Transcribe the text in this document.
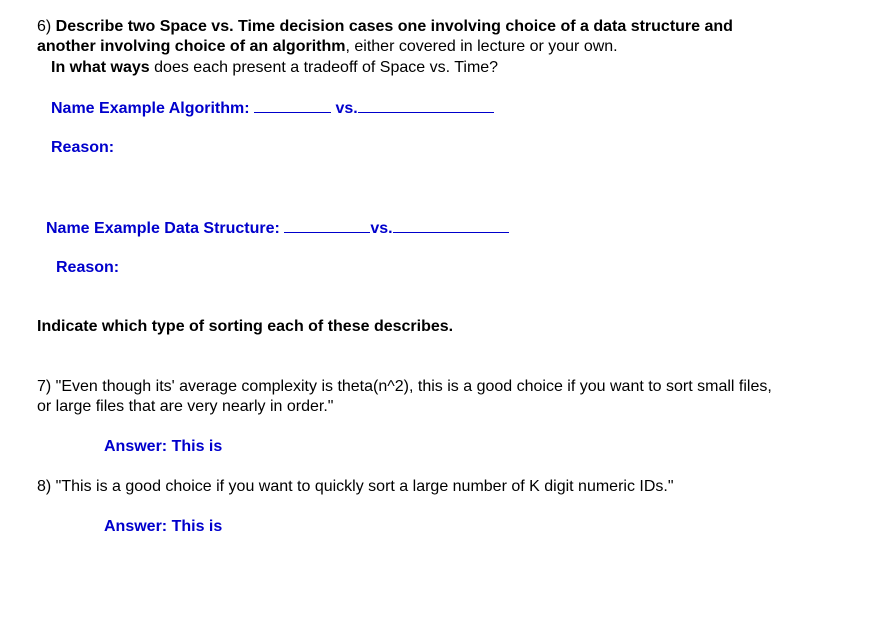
6) Describe two Space vs. Time decision cases one involving choice of a data structure and
another involving choice of an algorithm, either covered in lecture or your own.
In what ways does each present a tradeoff of Space vs. Time?
Name Example Algorithm:	vs.
Reason:
Name Example Data Structure:	vs.
Reason:
Indicate which type of sorting each of these describes.
7) "Even though its' average complexity is theta(n^2), this is a good choice if you want to sort small files,
or large files that are very nearly in order."
Answer: This is
8) "This is a good choice if you want to quickly sort a large number of K digit numeric IDs."
Answer: This is
